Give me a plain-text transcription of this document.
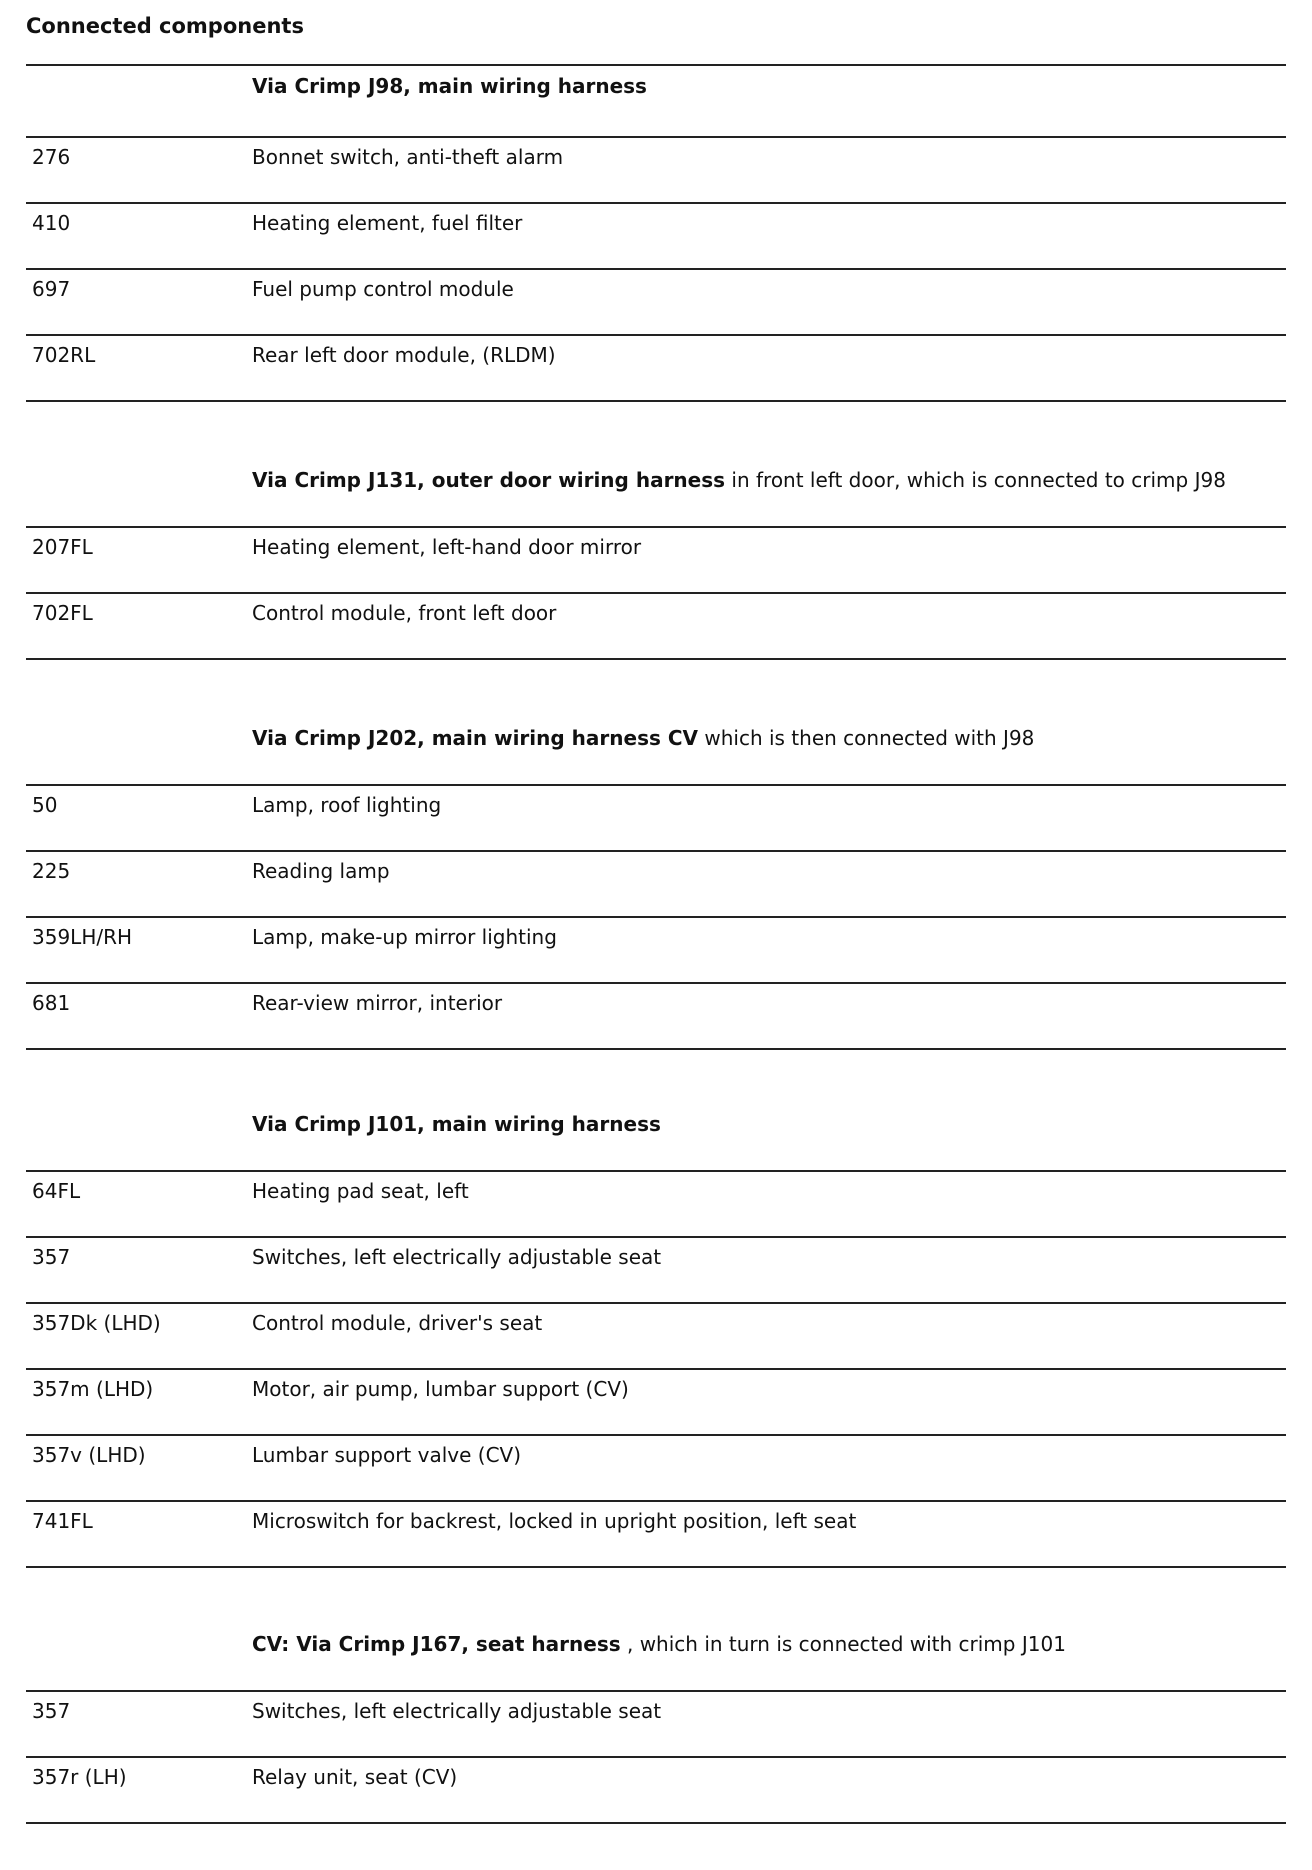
Connected components
Via Crimp J98, main wiring harness
276	Bonnet switch, anti-theft alarm
410	Heating element, fuel filter
697	Fuel pump control module
702RL	Rear left door module, (RLDM)
Via Crimp J131, outer door wiring harness in front left door, which is connected to crimp J98
207FL	Heating element, left-hand door mirror
702FL	Control module, front left door
Via Crimp J202, main wiring harness CV which is then connected with J98
50	Lamp, roof lighting
225	Reading lamp
359LH/RH	Lamp, make-up mirror lighting
681	Rear-view mirror, interior
Via Crimp J101, main wiring harness
64FL	Heating pad seat, left
357	Switches, left electrically adjustable seat
357Dk (LHD)	Control module, driver's seat
357m (LHD)	Motor, air pump, lumbar support (CV)
357v (LHD)	Lumbar support valve (CV)
741FL	Microswitch for backrest, locked in upright position, left seat
CV: Via Crimp J167, seat harness , which in turn is connected with crimp J101
357	Switches, left electrically adjustable seat
357r (LH)	Relay unit, seat (CV)
